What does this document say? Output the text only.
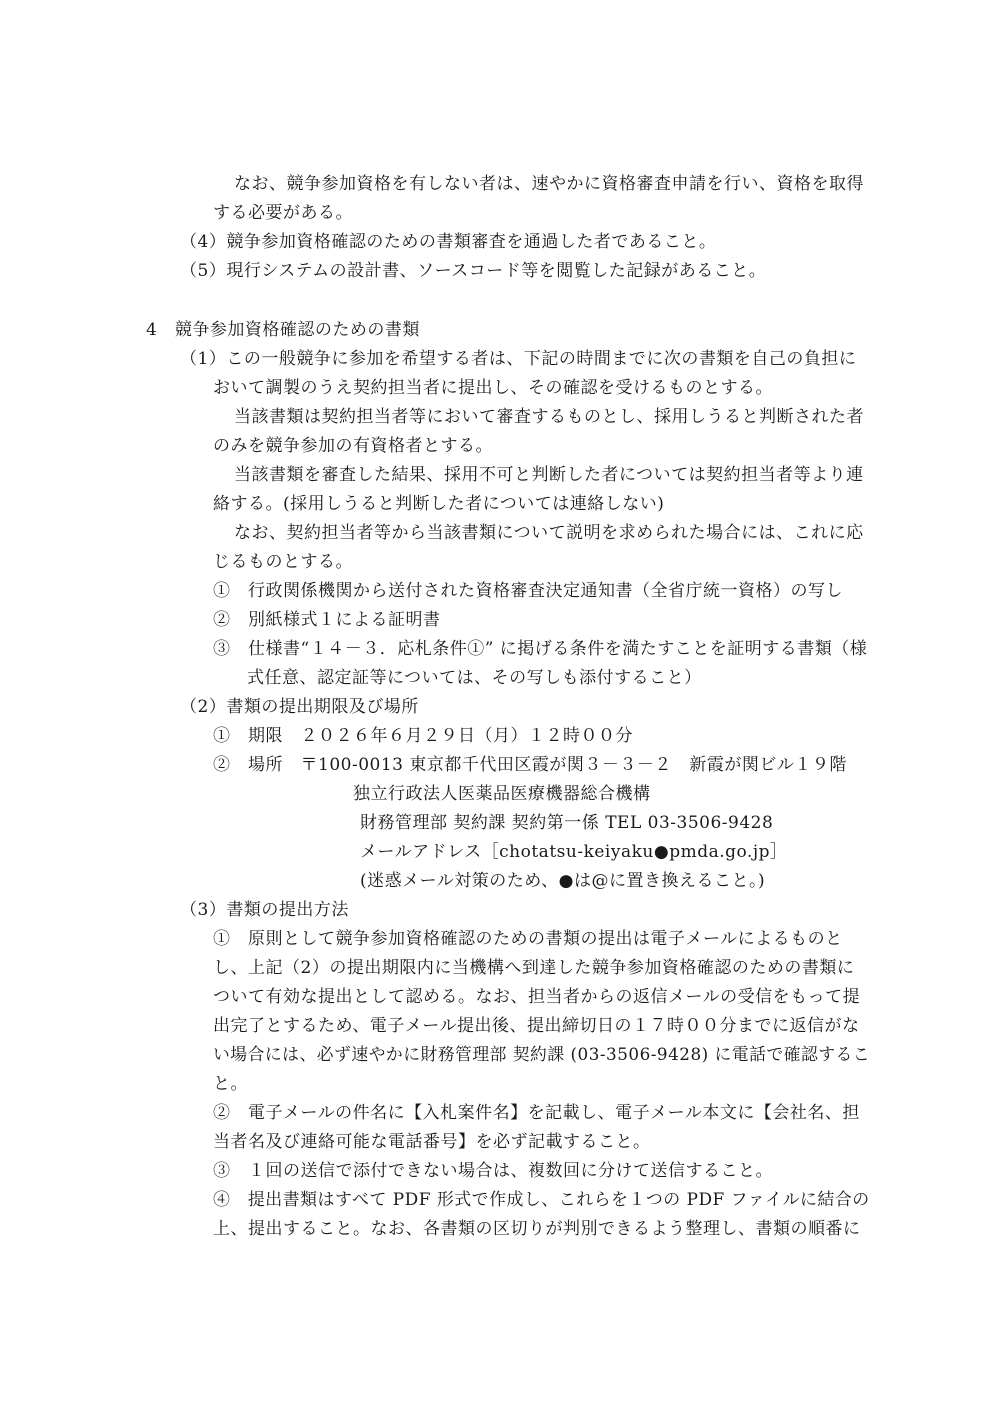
なお、競争参加資格を有しない者は、速やかに資格審査申請を行い、資格を取得
する必要がある。
（4）競争参加資格確認のための書類審査を通過した者であること。
（5）現行システムの設計書、ソースコード等を閲覧した記録があること。
4　競争参加資格確認のための書類
（1）この一般競争に参加を希望する者は、下記の時間までに次の書類を自己の負担に
おいて調製のうえ契約担当者に提出し、その確認を受けるものとする。
当該書類は契約担当者等において審査するものとし、採用しうると判断された者
のみを競争参加の有資格者とする。
当該書類を審査した結果、採用不可と判断した者については契約担当者等より連
絡する。(採用しうると判断した者については連絡しない)
なお、契約担当者等から当該書類について説明を求められた場合には、これに応
じるものとする。
①　行政関係機関から送付された資格審査決定通知書（全省庁統一資格）の写し
②　別紙様式１による証明書
③　仕様書“１４－３．応札条件①” に掲げる条件を満たすことを証明する書類（様
式任意、認定証等については、その写しも添付すること）
（2）書類の提出期限及び場所
①　期限　２０２６年６月２９日（月）１２時００分
②　場所　〒100-0013 東京都千代田区霞が関３－３－２　新霞が関ビル１９階
独立行政法人医薬品医療機器総合機構
財務管理部 契約課 契約第一係 TEL 03-3506-9428
メールアドレス［chotatsu-keiyaku●pmda.go.jp］
(迷惑メール対策のため、●は@に置き換えること。)
（3）書類の提出方法
①　原則として競争参加資格確認のための書類の提出は電子メールによるものと
し、上記（2）の提出期限内に当機構へ到達した競争参加資格確認のための書類に
ついて有効な提出として認める。なお、担当者からの返信メールの受信をもって提
出完了とするため、電子メール提出後、提出締切日の１７時００分までに返信がな
い場合には、必ず速やかに財務管理部 契約課 (03-3506-9428) に電話で確認するこ
と。
②　電子メールの件名に【入札案件名】を記載し、電子メール本文に【会社名、担
当者名及び連絡可能な電話番号】を必ず記載すること。
③　１回の送信で添付できない場合は、複数回に分けて送信すること。
④　提出書類はすべて PDF 形式で作成し、これらを１つの PDF ファイルに結合の
上、提出すること。なお、各書類の区切りが判別できるよう整理し、書類の順番に
